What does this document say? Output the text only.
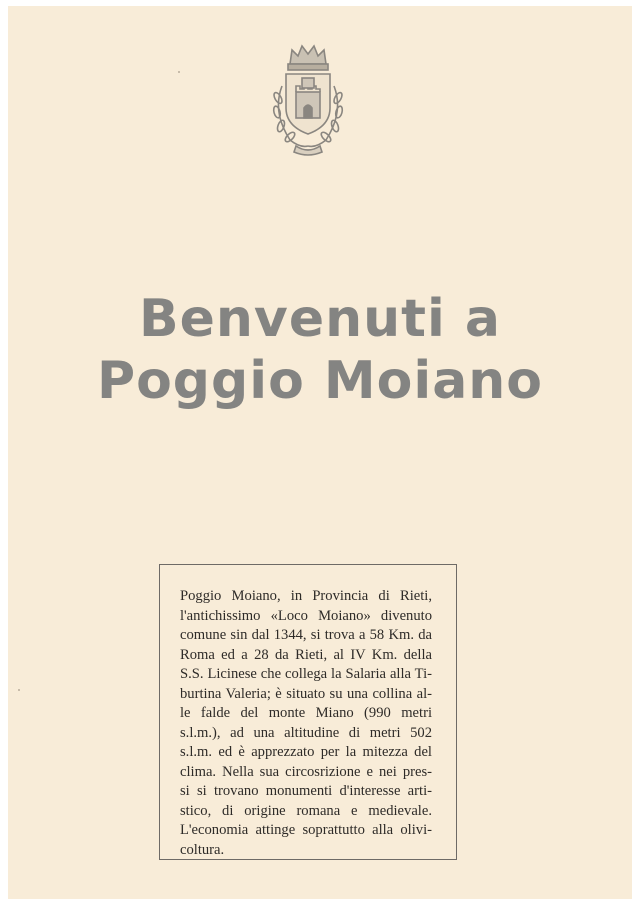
Benvenuti a
Poggio Moiano
Poggio Moiano, in Provincia di Rieti,
l'antichissimo «Loco Moiano» divenuto
comune sin dal 1344, si trova a 58 Km. da
Roma ed a 28 da Rieti, al IV Km. della
S.S. Licinese che collega la Salaria alla Ti-
burtina Valeria; è situato su una collina al-
le falde del monte Miano (990 metri
s.l.m.), ad una altitudine di metri 502
s.l.m. ed è apprezzato per la mitezza del
clima. Nella sua circosrizione e nei pres-
si si trovano monumenti d'interesse arti-
stico, di origine romana e medievale.
L'economia attinge soprattutto alla olivi-
coltura.
